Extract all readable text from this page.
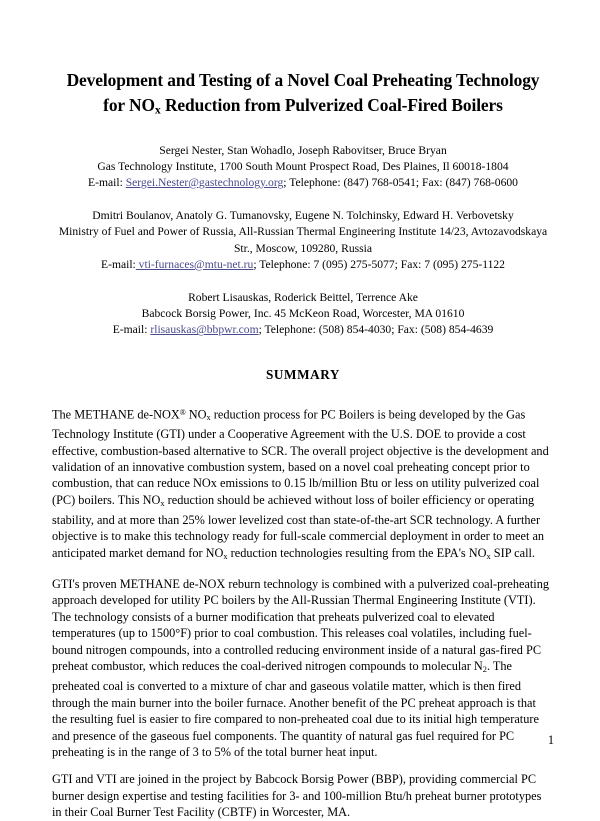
Development and Testing of a Novel Coal Preheating Technology
for $NO_x$ Reduction from Pulverized Coal-Fired Boilers
Sergei Nester, Stan Wohadlo, Joseph Rabovitser, Bruce Bryan
Gas Technology Institute, 1700 South Mount Prospect Road, Des Plaines, Il 60018-1804
E-mail: Sergei.Nester@gastechnology.org; Telephone: (847) 768-0541; Fax: (847) 768-0600
Dmitri Boulanov, Anatoly G. Tumanovsky, Eugene N. Tolchinsky, Edward H. Verbovetsky
Ministry of Fuel and Power of Russia, All-Russian Thermal Engineering Institute 14/23, Avtozavodskaya Str., Moscow, 109280, Russia
E-mail: vti-furnaces@mtu-net.ru; Telephone: 7 (095) 275-5077; Fax: 7 (095) 275-1122
Robert Lisauskas, Roderick Beittel, Terrence Ake
Babcock Borsig Power, Inc. 45 McKeon Road, Worcester, MA 01610
E-mail: rlisauskas@bbpwr.com; Telephone: (508) 854-4030; Fax: (508) 854-4639
SUMMARY

The METHANE de-NOX® $NO_x$ reduction process for PC Boilers is being developed by the Gas Technology Institute (GTI) under a Cooperative Agreement with the U.S. DOE to provide a cost effective, combustion-based alternative to SCR. The overall project objective is the development and validation of an innovative combustion system, based on a novel coal preheating concept prior to combustion, that can reduce NOx emissions to 0.15 lb/million Btu or less on utility pulverized coal (PC) boilers. This $NO_x$ reduction should be achieved without loss of boiler efficiency or operating stability, and at more than 25% lower levelized cost than state-of-the-art SCR technology. A further objective is to make this technology ready for full-scale commercial deployment in order to meet an anticipated market demand for $NO_x$ reduction technologies resulting from the EPA's $NO_x$ SIP call.

GTI's proven METHANE de-NOX reburn technology is combined with a pulverized coal-preheating approach developed for utility PC boilers by the All-Russian Thermal Engineering Institute (VTI). The technology consists of a burner modification that preheats pulverized coal to elevated temperatures (up to 1500°F) prior to coal combustion. This releases coal volatiles, including fuel-bound nitrogen compounds, into a controlled reducing environment inside of a natural gas-fired PC preheat combustor, which reduces the coal-derived nitrogen compounds to molecular $N_2$. The preheated coal is converted to a mixture of char and gaseous volatile matter, which is then fired through the main burner into the boiler furnace. Another benefit of the PC preheat approach is that the resulting fuel is easier to fire compared to non-preheated coal due to its initial high temperature and presence of the gaseous fuel components. The quantity of natural gas fuel required for PC preheating is in the range of 3 to 5% of the total burner heat input.

GTI and VTI are joined in the project by Babcock Borsig Power (BBP), providing commercial PC burner design expertise and testing facilities for 3- and 100-million Btu/h preheat burner prototypes in their Coal Burner Test Facility (CBTF) in Worcester, MA.

1
